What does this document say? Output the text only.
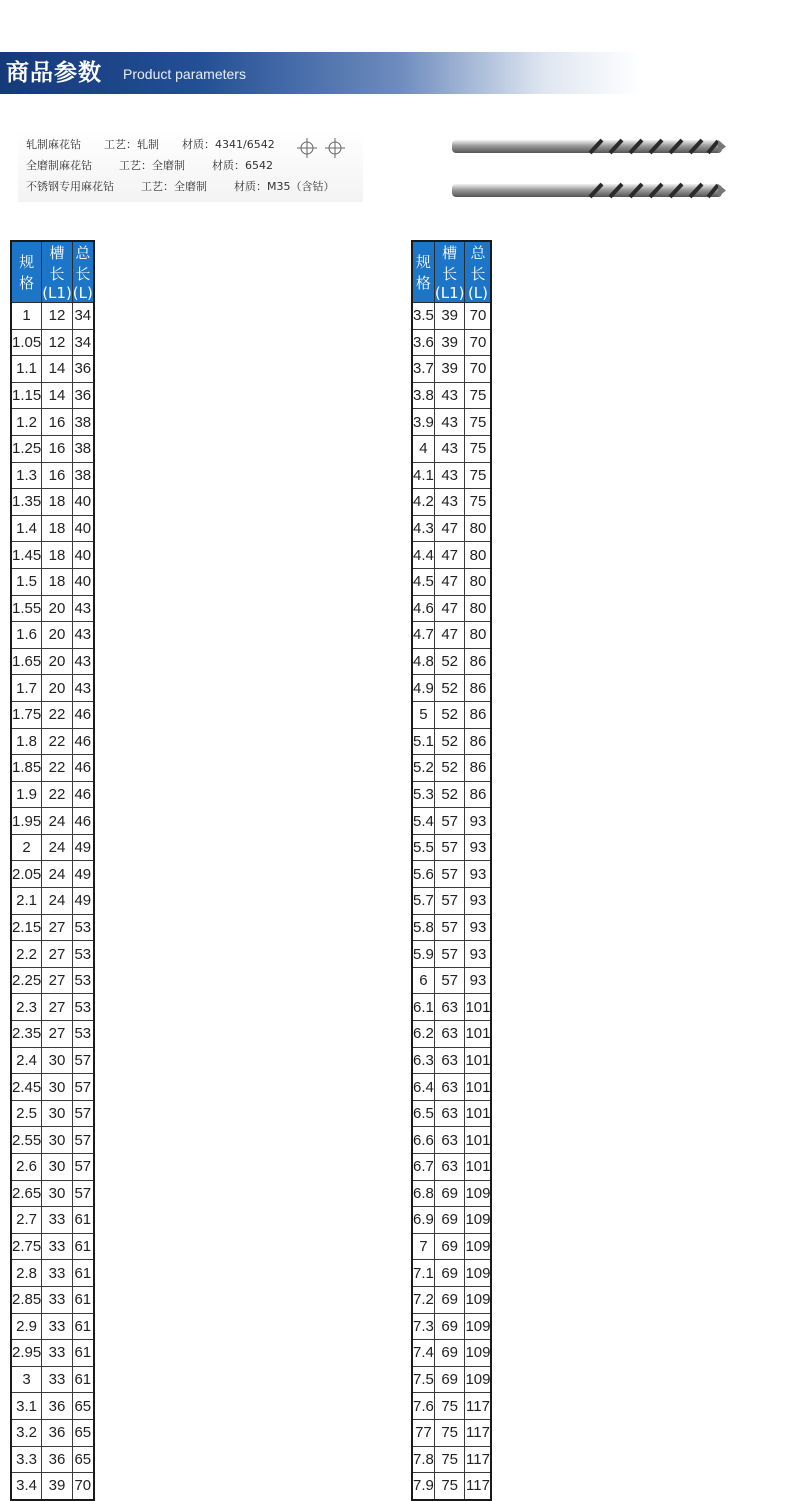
商品参数 Product parameters
轧制麻花钻 工艺：轧制 材质：4341/6542
全磨制麻花钻 工艺：全磨制 材质：6542
不锈钢专用麻花钻 工艺：全磨制 材质：M35（含钴）
规格	槽长(L1)	总长(L)
1	12	34
1.05	12	34
1.1	14	36
1.15	14	36
1.2	16	38
1.25	16	38
1.3	16	38
1.35	18	40
1.4	18	40
1.45	18	40
1.5	18	40
1.55	20	43
1.6	20	43
1.65	20	43
1.7	20	43
1.75	22	46
1.8	22	46
1.85	22	46
1.9	22	46
1.95	24	46
2	24	49
2.05	24	49
2.1	24	49
2.15	27	53
2.2	27	53
2.25	27	53
2.3	27	53
2.35	27	53
2.4	30	57
2.45	30	57
2.5	30	57
2.55	30	57
2.6	30	57
2.65	30	57
2.7	33	61
2.75	33	61
2.8	33	61
2.85	33	61
2.9	33	61
2.95	33	61
3	33	61
3.1	36	65
3.2	36	65
3.3	36	65
3.4	39	70
规格	槽长(L1)	总长(L)
3.5	39	70
3.6	39	70
3.7	39	70
3.8	43	75
3.9	43	75
4	43	75
4.1	43	75
4.2	43	75
4.3	47	80
4.4	47	80
4.5	47	80
4.6	47	80
4.7	47	80
4.8	52	86
4.9	52	86
5	52	86
5.1	52	86
5.2	52	86
5.3	52	86
5.4	57	93
5.5	57	93
5.6	57	93
5.7	57	93
5.8	57	93
5.9	57	93
6	57	93
6.1	63	101
6.2	63	101
6.3	63	101
6.4	63	101
6.5	63	101
6.6	63	101
6.7	63	101
6.8	69	109
6.9	69	109
7	69	109
7.1	69	109
7.2	69	109
7.3	69	109
7.4	69	109
7.5	69	109
7.6	75	117
77	75	117
7.8	75	117
7.9	75	117
